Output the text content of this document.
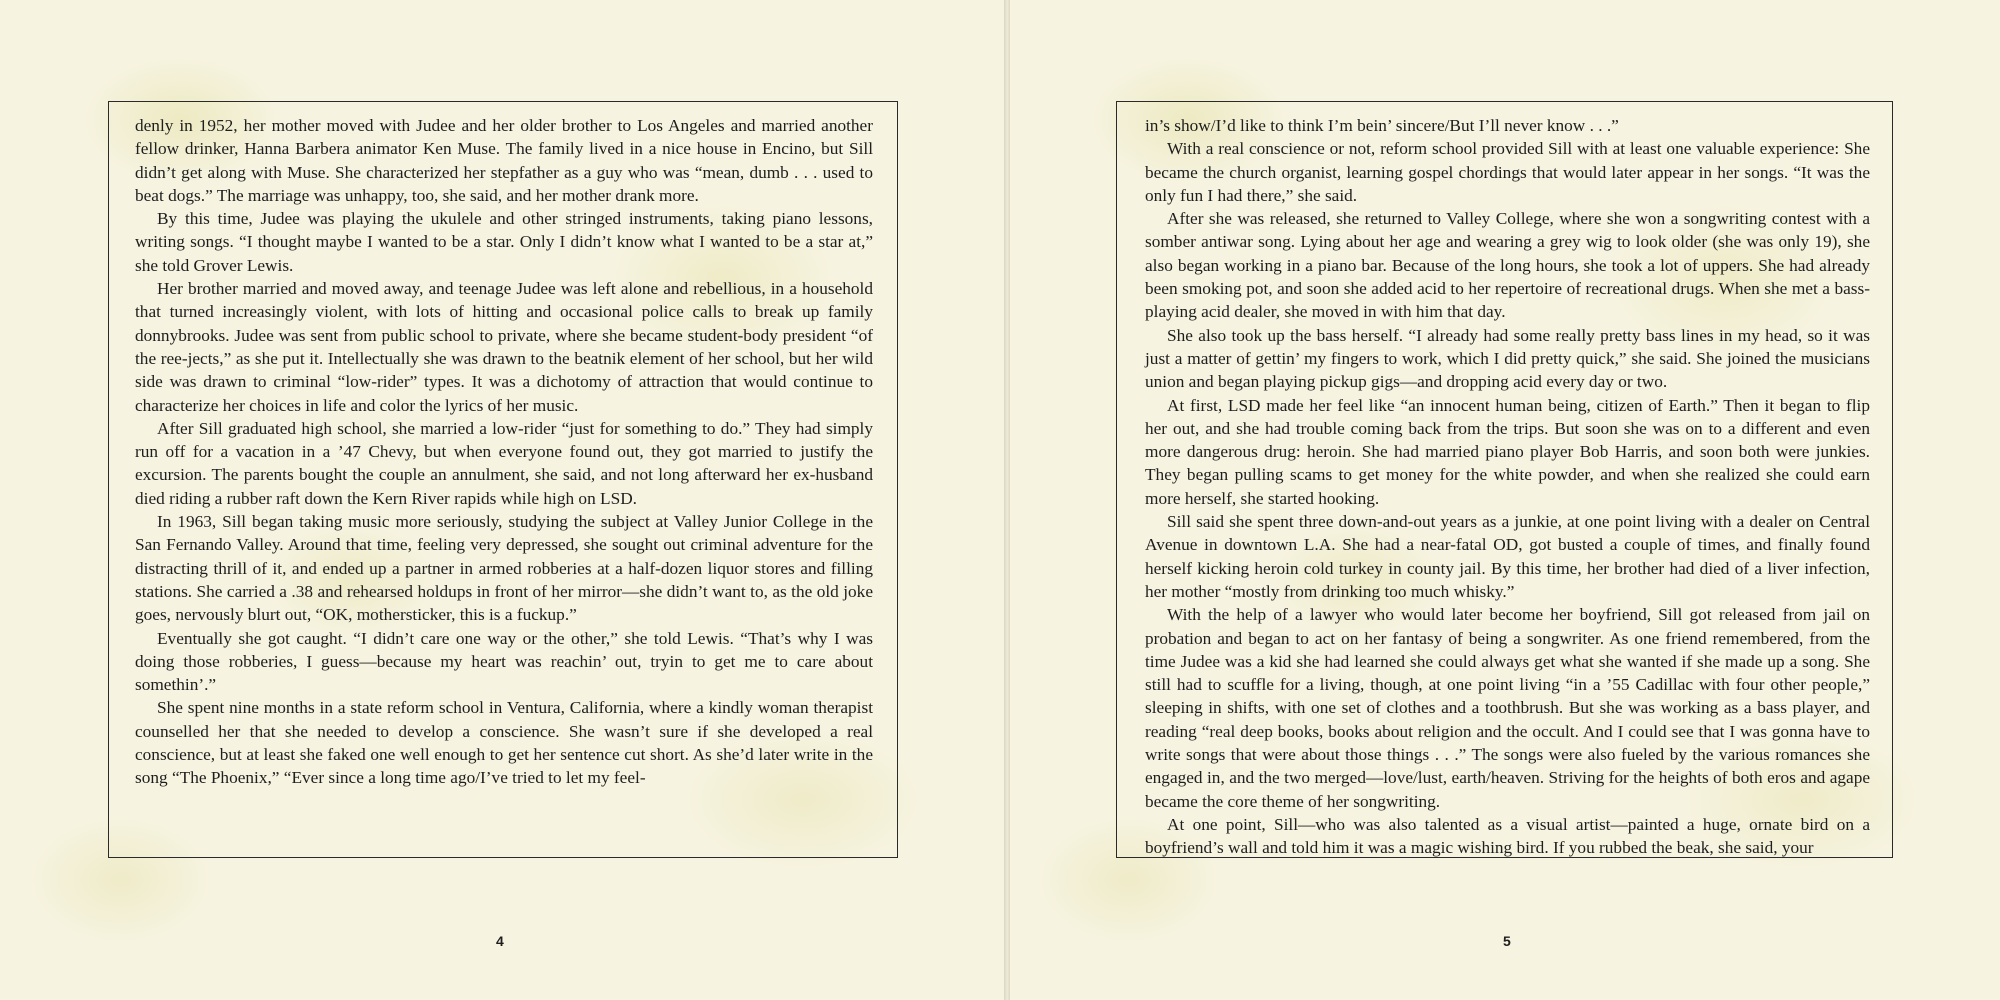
denly in 1952, her mother moved with Judee and her older brother to Los Angeles and married another fellow drinker, Hanna Barbera animator Ken Muse. The family lived in a nice house in Encino, but Sill didn’t get along with Muse. She characterized her stepfather as a guy who was “mean, dumb . . . used to beat dogs.” The marriage was unhappy, too, she said, and her mother drank more.

By this time, Judee was playing the ukulele and other stringed instruments, taking piano lessons, writing songs. “I thought maybe I wanted to be a star. Only I didn’t know what I wanted to be a star at,” she told Grover Lewis.

Her brother married and moved away, and teenage Judee was left alone and rebellious, in a household that turned increasingly violent, with lots of hitting and occasional police calls to break up family donnybrooks. Judee was sent from public school to private, where she became student-body president “of the ree-jects,” as she put it. Intellectually she was drawn to the beatnik element of her school, but her wild side was drawn to criminal “low-rider” types. It was a dichotomy of attraction that would continue to characterize her choices in life and color the lyrics of her music.

After Sill graduated high school, she married a low-rider “just for something to do.” They had simply run off for a vacation in a ’47 Chevy, but when everyone found out, they got married to justify the excursion. The parents bought the couple an annulment, she said, and not long afterward her ex-husband died riding a rubber raft down the Kern River rapids while high on LSD.

In 1963, Sill began taking music more seriously, studying the subject at Valley Junior College in the San Fernando Valley. Around that time, feeling very depressed, she sought out criminal adventure for the distracting thrill of it, and ended up a partner in armed robberies at a half-dozen liquor stores and filling stations. She carried a .38 and rehearsed holdups in front of her mirror—she didn’t want to, as the old joke goes, nervously blurt out, “OK, mothersticker, this is a fuckup.”

Eventually she got caught. “I didn’t care one way or the other,” she told Lewis. “That’s why I was doing those robberies, I guess—because my heart was reachin’ out, tryin to get me to care about somethin’.”

She spent nine months in a state reform school in Ventura, California, where a kindly woman therapist counselled her that she needed to develop a conscience. She wasn’t sure if she developed a real conscience, but at least she faked one well enough to get her sentence cut short. As she’d later write in the song “The Phoenix,” “Ever since a long time ago/I’ve tried to let my feel-

4

in’s show/I’d like to think I’m bein’ sincere/But I’ll never know . . .”

With a real conscience or not, reform school provided Sill with at least one valuable experience: She became the church organist, learning gospel chordings that would later appear in her songs. “It was the only fun I had there,” she said.

After she was released, she returned to Valley College, where she won a songwriting contest with a somber antiwar song. Lying about her age and wearing a grey wig to look older (she was only 19), she also began working in a piano bar. Because of the long hours, she took a lot of uppers. She had already been smoking pot, and soon she added acid to her repertoire of recreational drugs. When she met a bass-playing acid dealer, she moved in with him that day.

She also took up the bass herself. “I already had some really pretty bass lines in my head, so it was just a matter of gettin’ my fingers to work, which I did pretty quick,” she said. She joined the musicians union and began playing pickup gigs—and dropping acid every day or two.

At first, LSD made her feel like “an innocent human being, citizen of Earth.” Then it began to flip her out, and she had trouble coming back from the trips. But soon she was on to a different and even more dangerous drug: heroin. She had married piano player Bob Harris, and soon both were junkies. They began pulling scams to get money for the white powder, and when she realized she could earn more herself, she started hooking.

Sill said she spent three down-and-out years as a junkie, at one point living with a dealer on Central Avenue in downtown L.A. She had a near-fatal OD, got busted a couple of times, and finally found herself kicking heroin cold turkey in county jail. By this time, her brother had died of a liver infection, her mother “mostly from drinking too much whisky.”

With the help of a lawyer who would later become her boyfriend, Sill got released from jail on probation and began to act on her fantasy of being a songwriter. As one friend remembered, from the time Judee was a kid she had learned she could always get what she wanted if she made up a song. She still had to scuffle for a living, though, at one point living “in a ’55 Cadillac with four other people,” sleeping in shifts, with one set of clothes and a toothbrush. But she was working as a bass player, and reading “real deep books, books about religion and the occult. And I could see that I was gonna have to write songs that were about those things . . .” The songs were also fueled by the various romances she engaged in, and the two merged—love/lust, earth/heaven. Striving for the heights of both eros and agape became the core theme of her songwriting.

At one point, Sill—who was also talented as a visual artist—painted a huge, ornate bird on a boyfriend’s wall and told him it was a magic wishing bird. If you rubbed the beak, she said, your

5
